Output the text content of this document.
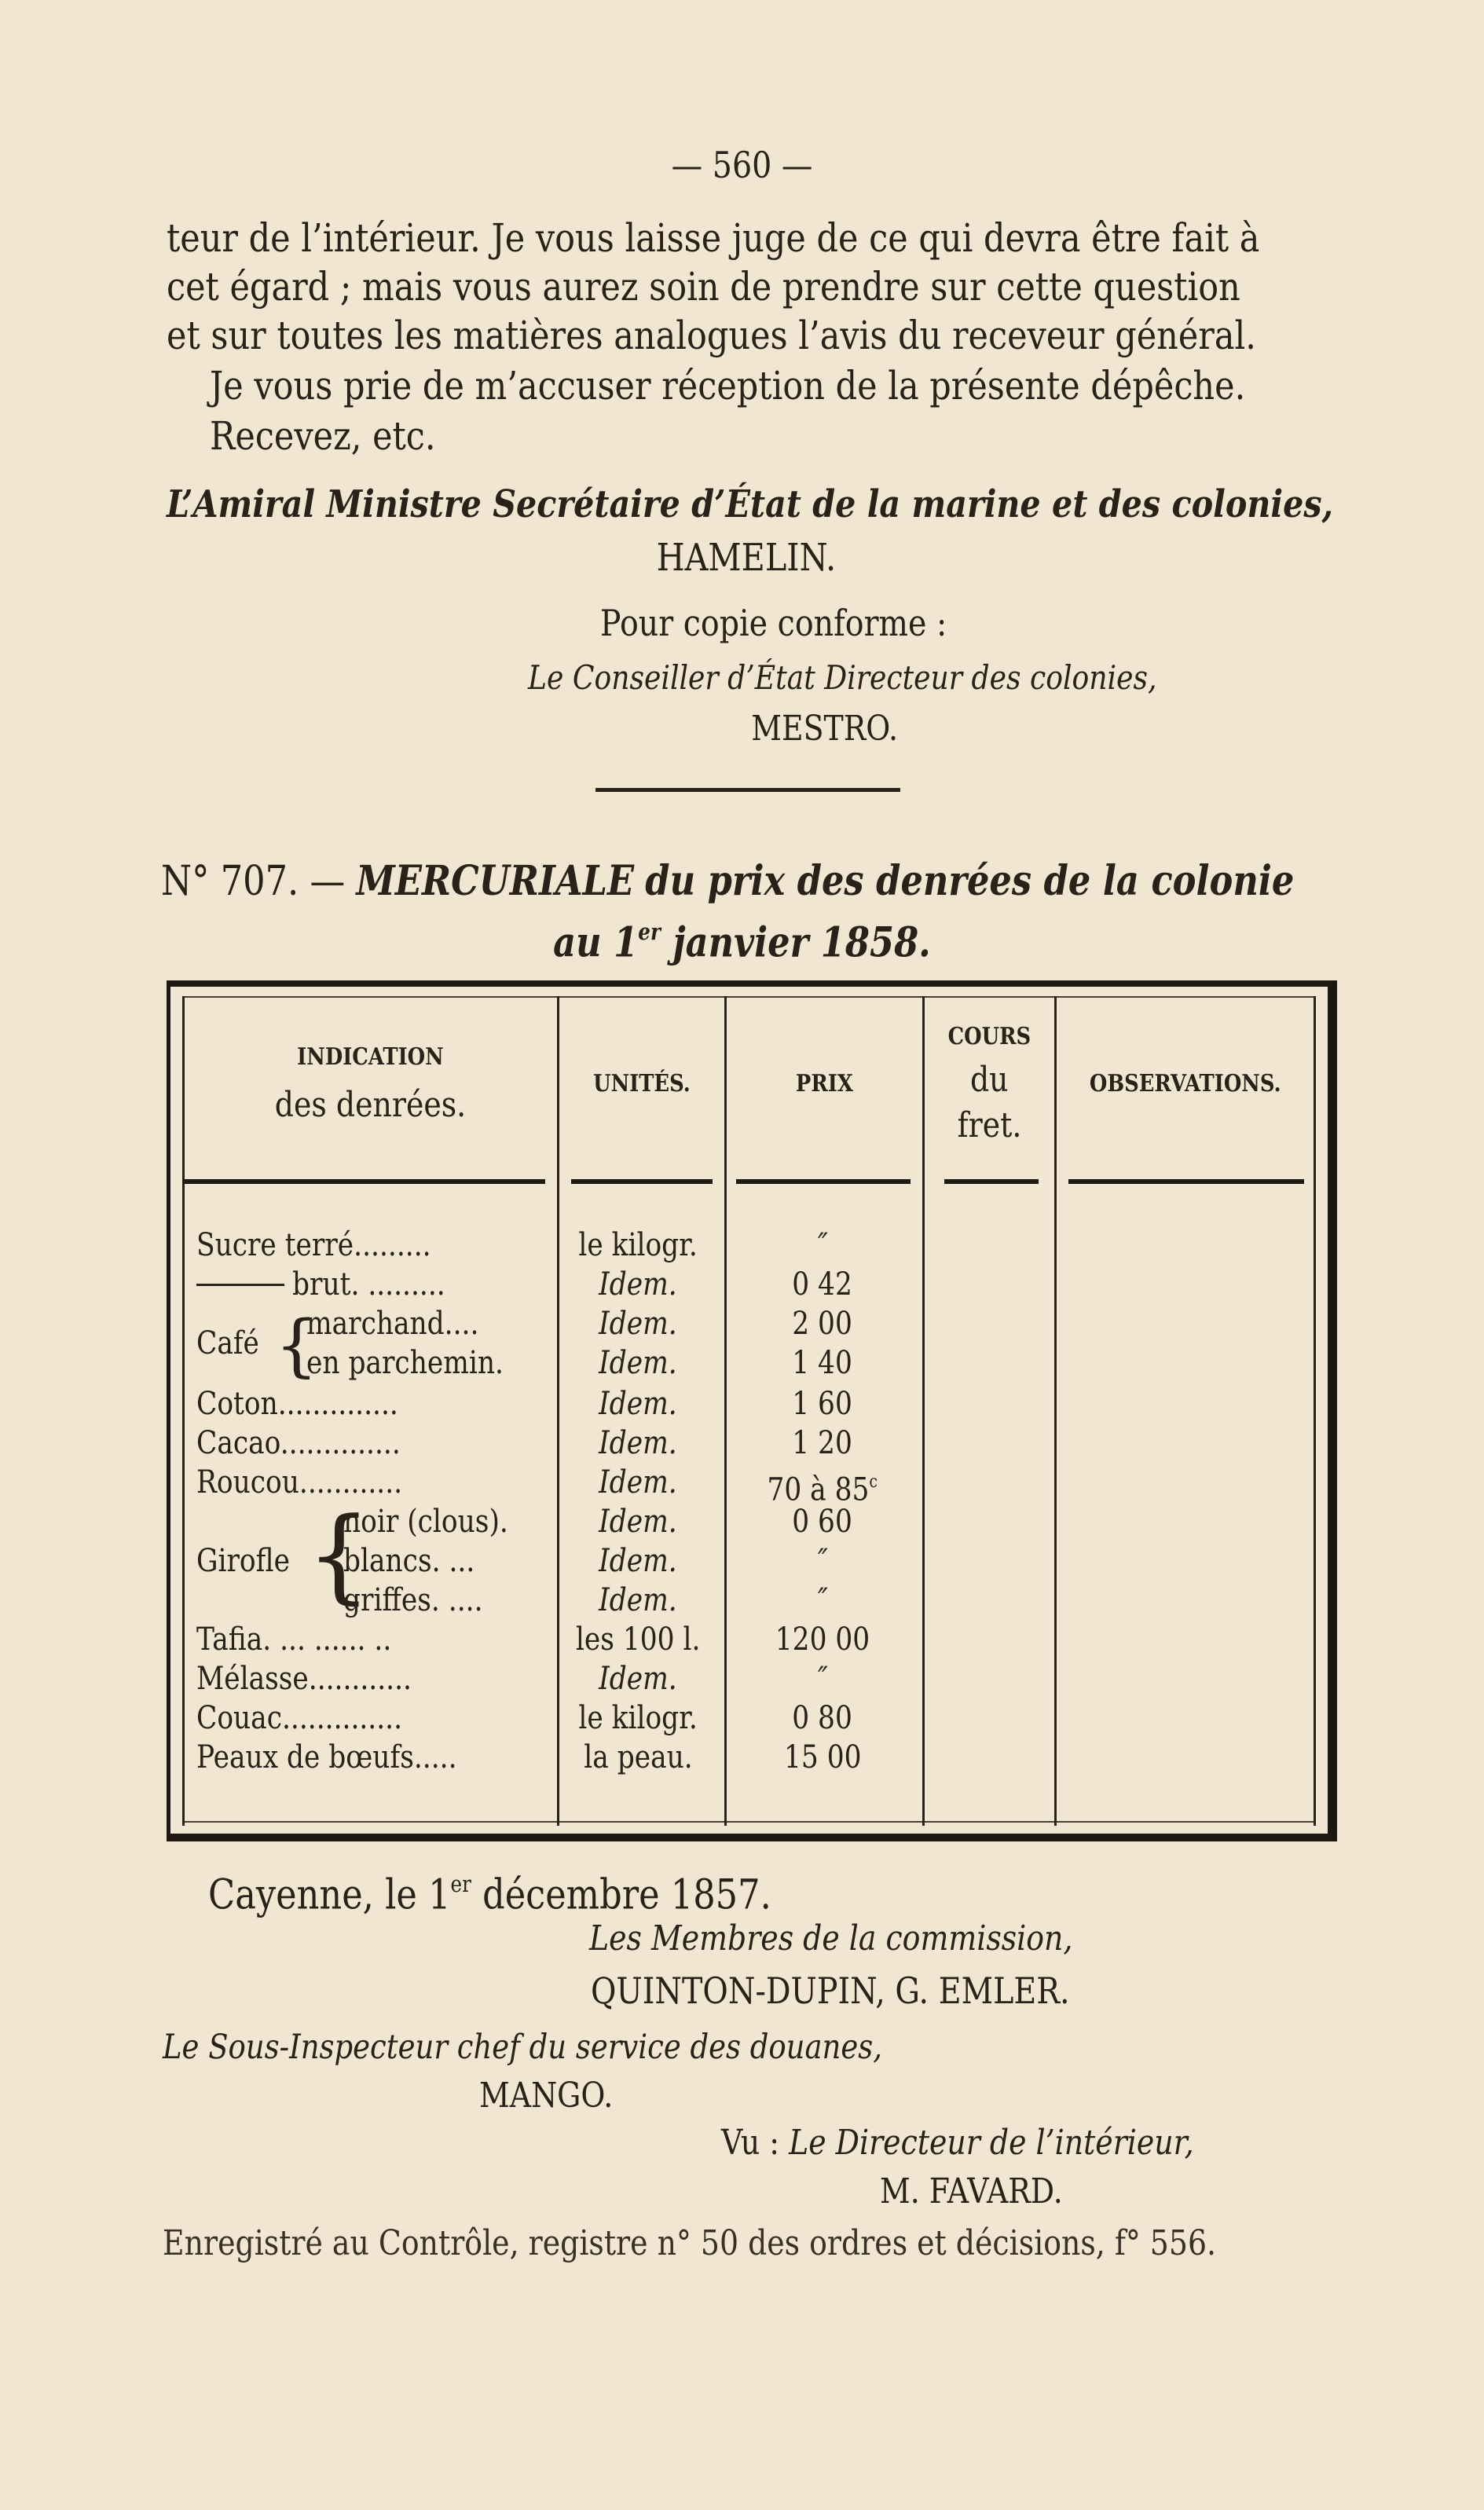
— 560 —
teur de l’intérieur. Je vous laisse juge de ce qui devra être fait à
cet égard ; mais vous aurez soin de prendre sur cette question
et sur toutes les matières analogues l’avis du receveur général.
Je vous prie de m’accuser réception de la présente dépêche.
Recevez, etc.
L’Amiral Ministre Secrétaire d’État de la marine et des colonies,
HAMELIN.
Pour copie conforme :
Le Conseiller d’État Directeur des colonies,
MESTRO.
N° 707. — MERCURIALE du prix des denrées de la colonie
au 1er janvier 1858.
INDICATION
des denrées.
UNITÉS.	PRIX
COURS
du
fret.
OBSERVATIONS.
Sucre terré.........	le kilogr.	″
brut. .........	Idem.	0 42
Café {
marchand....	Idem.	2 00
en parchemin.	Idem.	1 40
Coton..............	Idem.	1 60
Cacao..............	Idem.	1 20
Roucou............	Idem.	70 à 85$^c$
Girofle {
noir (clous).	Idem.	0 60
blancs. ...	Idem.	″
griffes. ....	Idem.	″
Tafia. ... ...... ..	les 100 l.	120 00
Mélasse............	Idem.	″
Couac..............	le kilogr.	0 80
Peaux de bœufs.....	la peau.	15 00
Cayenne, le 1er décembre 1857.
Les Membres de la commission,
QUINTON-DUPIN, G. EMLER.
Le Sous-Inspecteur chef du service des douanes,
MANGO.
Vu : Le Directeur de l’intérieur,
M. FAVARD.
Enregistré au Contrôle, registre n° 50 des ordres et décisions, f° 556.
